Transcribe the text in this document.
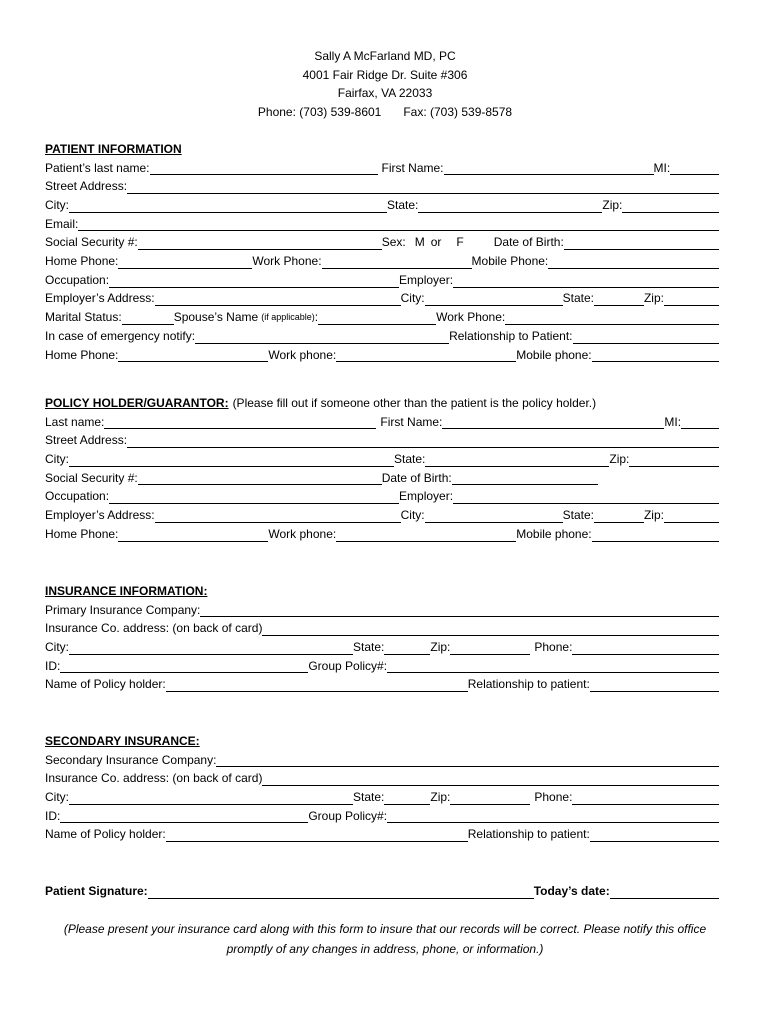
Sally A McFarland MD, PC
4001 Fair Ridge Dr. Suite #306
Fairfax, VA 22033
Phone: (703) 539-8601 Fax: (703) 539-8578
PATIENT INFORMATION
Patient’s last name:	First Name:	MI:
Street Address:
City:	State:	Zip:
Email:
Social Security #:	Sex: M or F	Date of Birth:
Home Phone:	Work Phone:	Mobile Phone:
Occupation:	Employer:
Employer’s Address:	City:	State:	Zip:
Marital Status:	Spouse’s Name (if applicable) :	Work Phone:
In case of emergency notify:	Relationship to Patient:
Home Phone:	Work phone:	Mobile phone:
POLICY HOLDER/GUARANTOR: (Please fill out if someone other than the patient is the policy holder.)
Last name:	First Name:	MI:
Street Address:
City:	State:	Zip:
Social Security #:	Date of Birth:
Occupation:	Employer:
Employer’s Address:	City:	State:	Zip:
Home Phone:	Work phone:	Mobile phone:
INSURANCE INFORMATION:
Primary Insurance Company:
Insurance Co. address: (on back of card)
City:	State:	Zip:	Phone:
ID:	Group Policy#:
Name of Policy holder:	Relationship to patient:
SECONDARY INSURANCE:
Secondary Insurance Company:
Insurance Co. address: (on back of card)
City:	State:	Zip:	Phone:
ID:	Group Policy#:
Name of Policy holder:	Relationship to patient:
Patient Signature:	Today’s date:
(Please present your insurance card along with this form to insure that our records will be correct. Please notify this office promptly of any changes in address, phone, or information.)
